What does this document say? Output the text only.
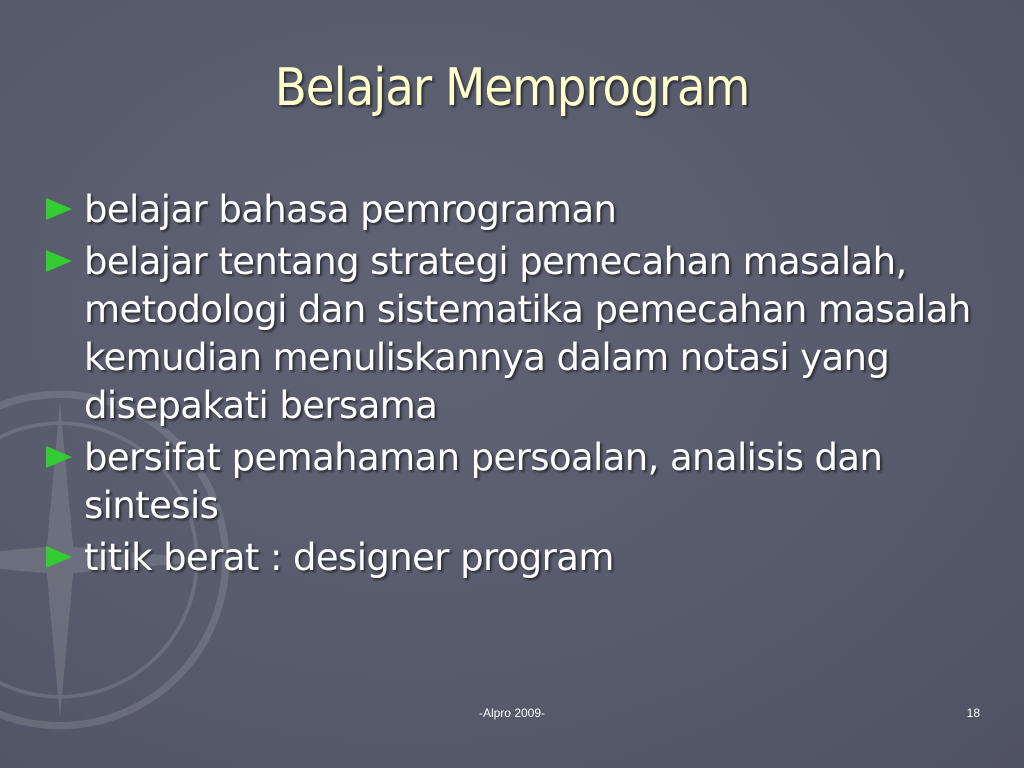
Belajar Memprogram
belajar bahasa pemrograman
belajar tentang strategi pemecahan masalah, metodologi dan sistematika pemecahan masalah kemudian menuliskannya dalam notasi yang disepakati bersama
bersifat pemahaman persoalan, analisis dan sintesis
titik berat : designer program
-Alpro 2009-	18
